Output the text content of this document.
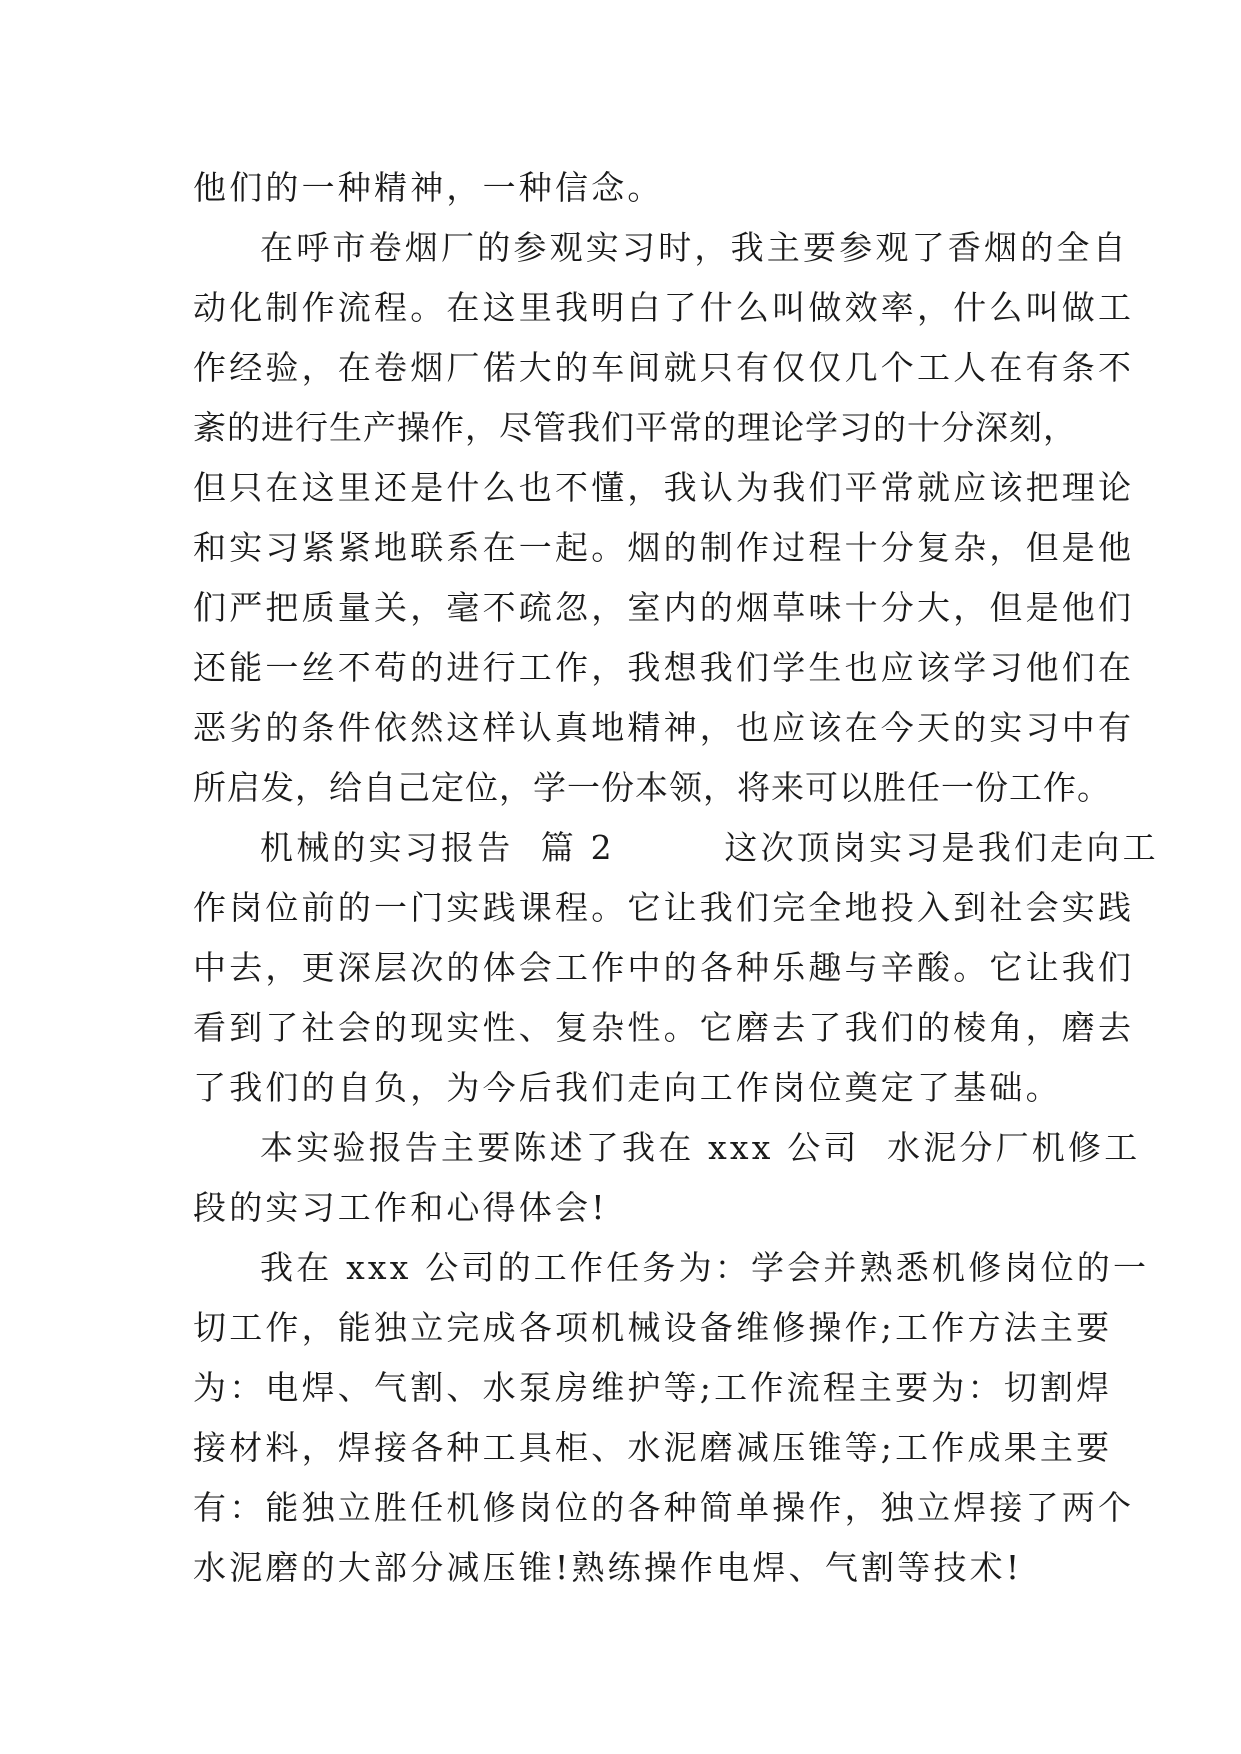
他们的一种精神，一种信念。
在呼市卷烟厂的参观实习时，我主要参观了香烟的全自
动化制作流程。在这里我明白了什么叫做效率，什么叫做工
作经验，在卷烟厂偌大的车间就只有仅仅几个工人在有条不
紊的进行生产操作，尽管我们平常的理论学习的十分深刻，
但只在这里还是什么也不懂，我认为我们平常就应该把理论
和实习紧紧地联系在一起。烟的制作过程十分复杂，但是他
们严把质量关，毫不疏忽，室内的烟草味十分大，但是他们
还能一丝不苟的进行工作，我想我们学生也应该学习他们在
恶劣的条件依然这样认真地精神，也应该在今天的实习中有
所启发，给自己定位，学一份本领，将来可以胜任一份工作。
机械的实习报告  篇 2        这次顶岗实习是我们走向工
作岗位前的一门实践课程。它让我们完全地投入到社会实践
中去，更深层次的体会工作中的各种乐趣与辛酸。它让我们
看到了社会的现实性、复杂性。它磨去了我们的棱角，磨去
了我们的自负，为今后我们走向工作岗位奠定了基础。
本实验报告主要陈述了我在 xxx 公司  水泥分厂机修工
段的实习工作和心得体会!
我在 xxx 公司的工作任务为：学会并熟悉机修岗位的一
切工作，能独立完成各项机械设备维修操作;工作方法主要
为：电焊、气割、水泵房维护等;工作流程主要为：切割焊
接材料，焊接各种工具柜、水泥磨减压锥等;工作成果主要
有：能独立胜任机修岗位的各种简单操作，独立焊接了两个
水泥磨的大部分减压锥!熟练操作电焊、气割等技术!
